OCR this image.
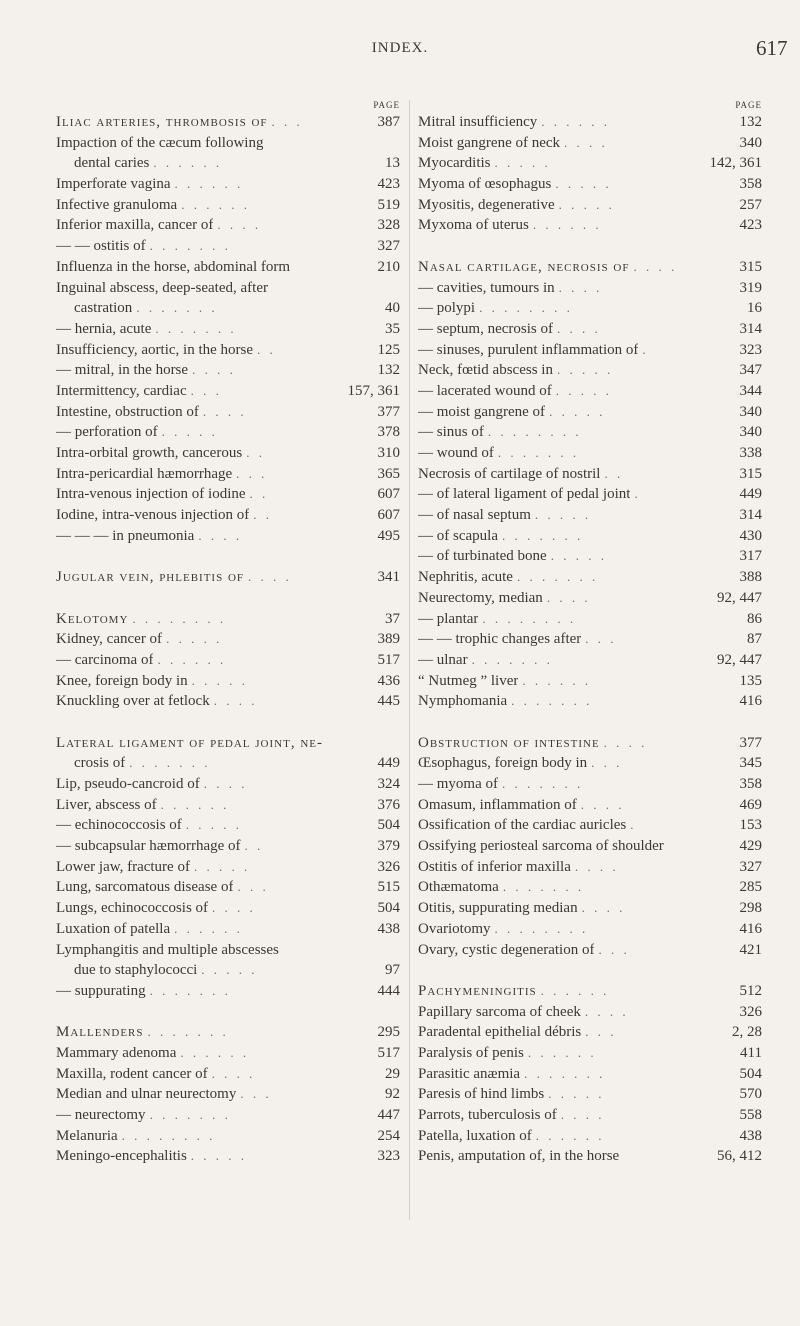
INDEX.	617
PAGE
Iliac arteries, thrombosis of . . .	387
Impaction of the cæcum following
dental caries . . . . . .	13
Imperforate vagina . . . . . .	423
Infective granuloma . . . . . .	519
Inferior maxilla, cancer of . . . .	328
— — ostitis of . . . . . . .	327
Influenza in the horse, abdominal form	210
Inguinal abscess, deep-seated, after
castration . . . . . . .	40
— hernia, acute . . . . . . .	35
Insufficiency, aortic, in the horse . .	125
— mitral, in the horse . . . .	132
Intermittency, cardiac . . .	157, 361
Intestine, obstruction of . . . .	377
— perforation of . . . . .	378
Intra-orbital growth, cancerous . .	310
Intra-pericardial hæmorrhage . . .	365
Intra-venous injection of iodine . .	607
Iodine, intra-venous injection of . .	607
— — — in pneumonia . . . .	495
Jugular vein, phlebitis of . . . .	341
Kelotomy . . . . . . . .	37
Kidney, cancer of . . . . .	389
— carcinoma of . . . . . .	517
Knee, foreign body in . . . . .	436
Knuckling over at fetlock . . . .	445
Lateral ligament of pedal joint, ne-
crosis of . . . . . . .	449
Lip, pseudo-cancroid of . . . .	324
Liver, abscess of . . . . . .	376
— echinococcosis of . . . . .	504
— subcapsular hæmorrhage of . .	379
Lower jaw, fracture of . . . . .	326
Lung, sarcomatous disease of . . .	515
Lungs, echinococcosis of . . . .	504
Luxation of patella . . . . . .	438
Lymphangitis and multiple abscesses
due to staphylococci . . . . .	97
— suppurating . . . . . . .	444
Mallenders . . . . . . .	295
Mammary adenoma . . . . . .	517
Maxilla, rodent cancer of . . . .	29
Median and ulnar neurectomy . . .	92
— neurectomy . . . . . . .	447
Melanuria . . . . . . . .	254
Meningo-encephalitis . . . . .	323
PAGE
Mitral insufficiency . . . . . .	132
Moist gangrene of neck . . . .	340
Myocarditis . . . . .	142, 361
Myoma of œsophagus . . . . .	358
Myositis, degenerative . . . . .	257
Myxoma of uterus . . . . . .	423
Nasal cartilage, necrosis of . . . .	315
— cavities, tumours in . . . .	319
— polypi . . . . . . . .	16
— septum, necrosis of . . . .	314
— sinuses, purulent inflammation of .	323
Neck, fœtid abscess in . . . . .	347
— lacerated wound of . . . . .	344
— moist gangrene of . . . . .	340
— sinus of . . . . . . . .	340
— wound of . . . . . . .	338
Necrosis of cartilage of nostril . .	315
— of lateral ligament of pedal joint .	449
— of nasal septum . . . . .	314
— of scapula . . . . . . .	430
— of turbinated bone . . . . .	317
Nephritis, acute . . . . . . .	388
Neurectomy, median . . . .	92, 447
— plantar . . . . . . . .	86
— — trophic changes after . . .	87
— ulnar . . . . . . .	92, 447
“ Nutmeg ” liver . . . . . .	135
Nymphomania . . . . . . .	416
Obstruction of intestine . . . .	377
Œsophagus, foreign body in . . .	345
— myoma of . . . . . . .	358
Omasum, inflammation of . . . .	469
Ossification of the cardiac auricles .	153
Ossifying periosteal sarcoma of shoulder	429
Ostitis of inferior maxilla . . . .	327
Othæmatoma . . . . . . .	285
Otitis, suppurating median . . . .	298
Ovariotomy . . . . . . . .	416
Ovary, cystic degeneration of . . .	421
Pachymeningitis . . . . . .	512
Papillary sarcoma of cheek . . . .	326
Paradental epithelial débris . . .	2, 28
Paralysis of penis . . . . . .	411
Parasitic anæmia . . . . . . .	504
Paresis of hind limbs . . . . .	570
Parrots, tuberculosis of . . . .	558
Patella, luxation of . . . . . .	438
Penis, amputation of, in the horse	56, 412
